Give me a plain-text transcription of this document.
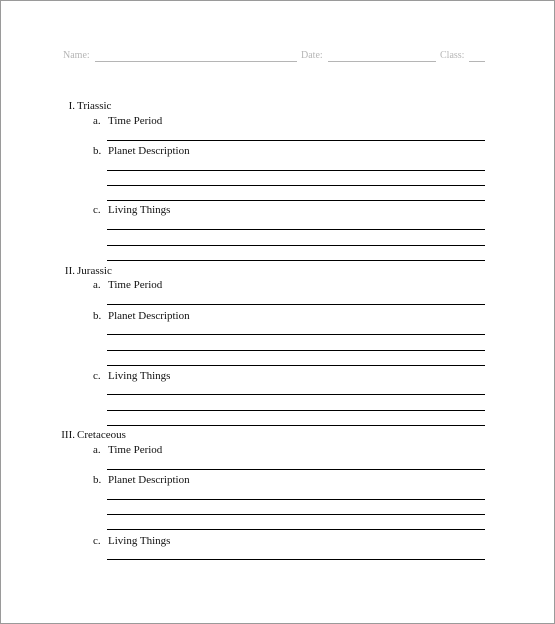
Name:	Date:	Class:
I. Triassic
a. Time Period
b. Planet Description
c. Living Things
II. Jurassic
a. Time Period
b. Planet Description
c. Living Things
III. Cretaceous
a. Time Period
b. Planet Description
c. Living Things
